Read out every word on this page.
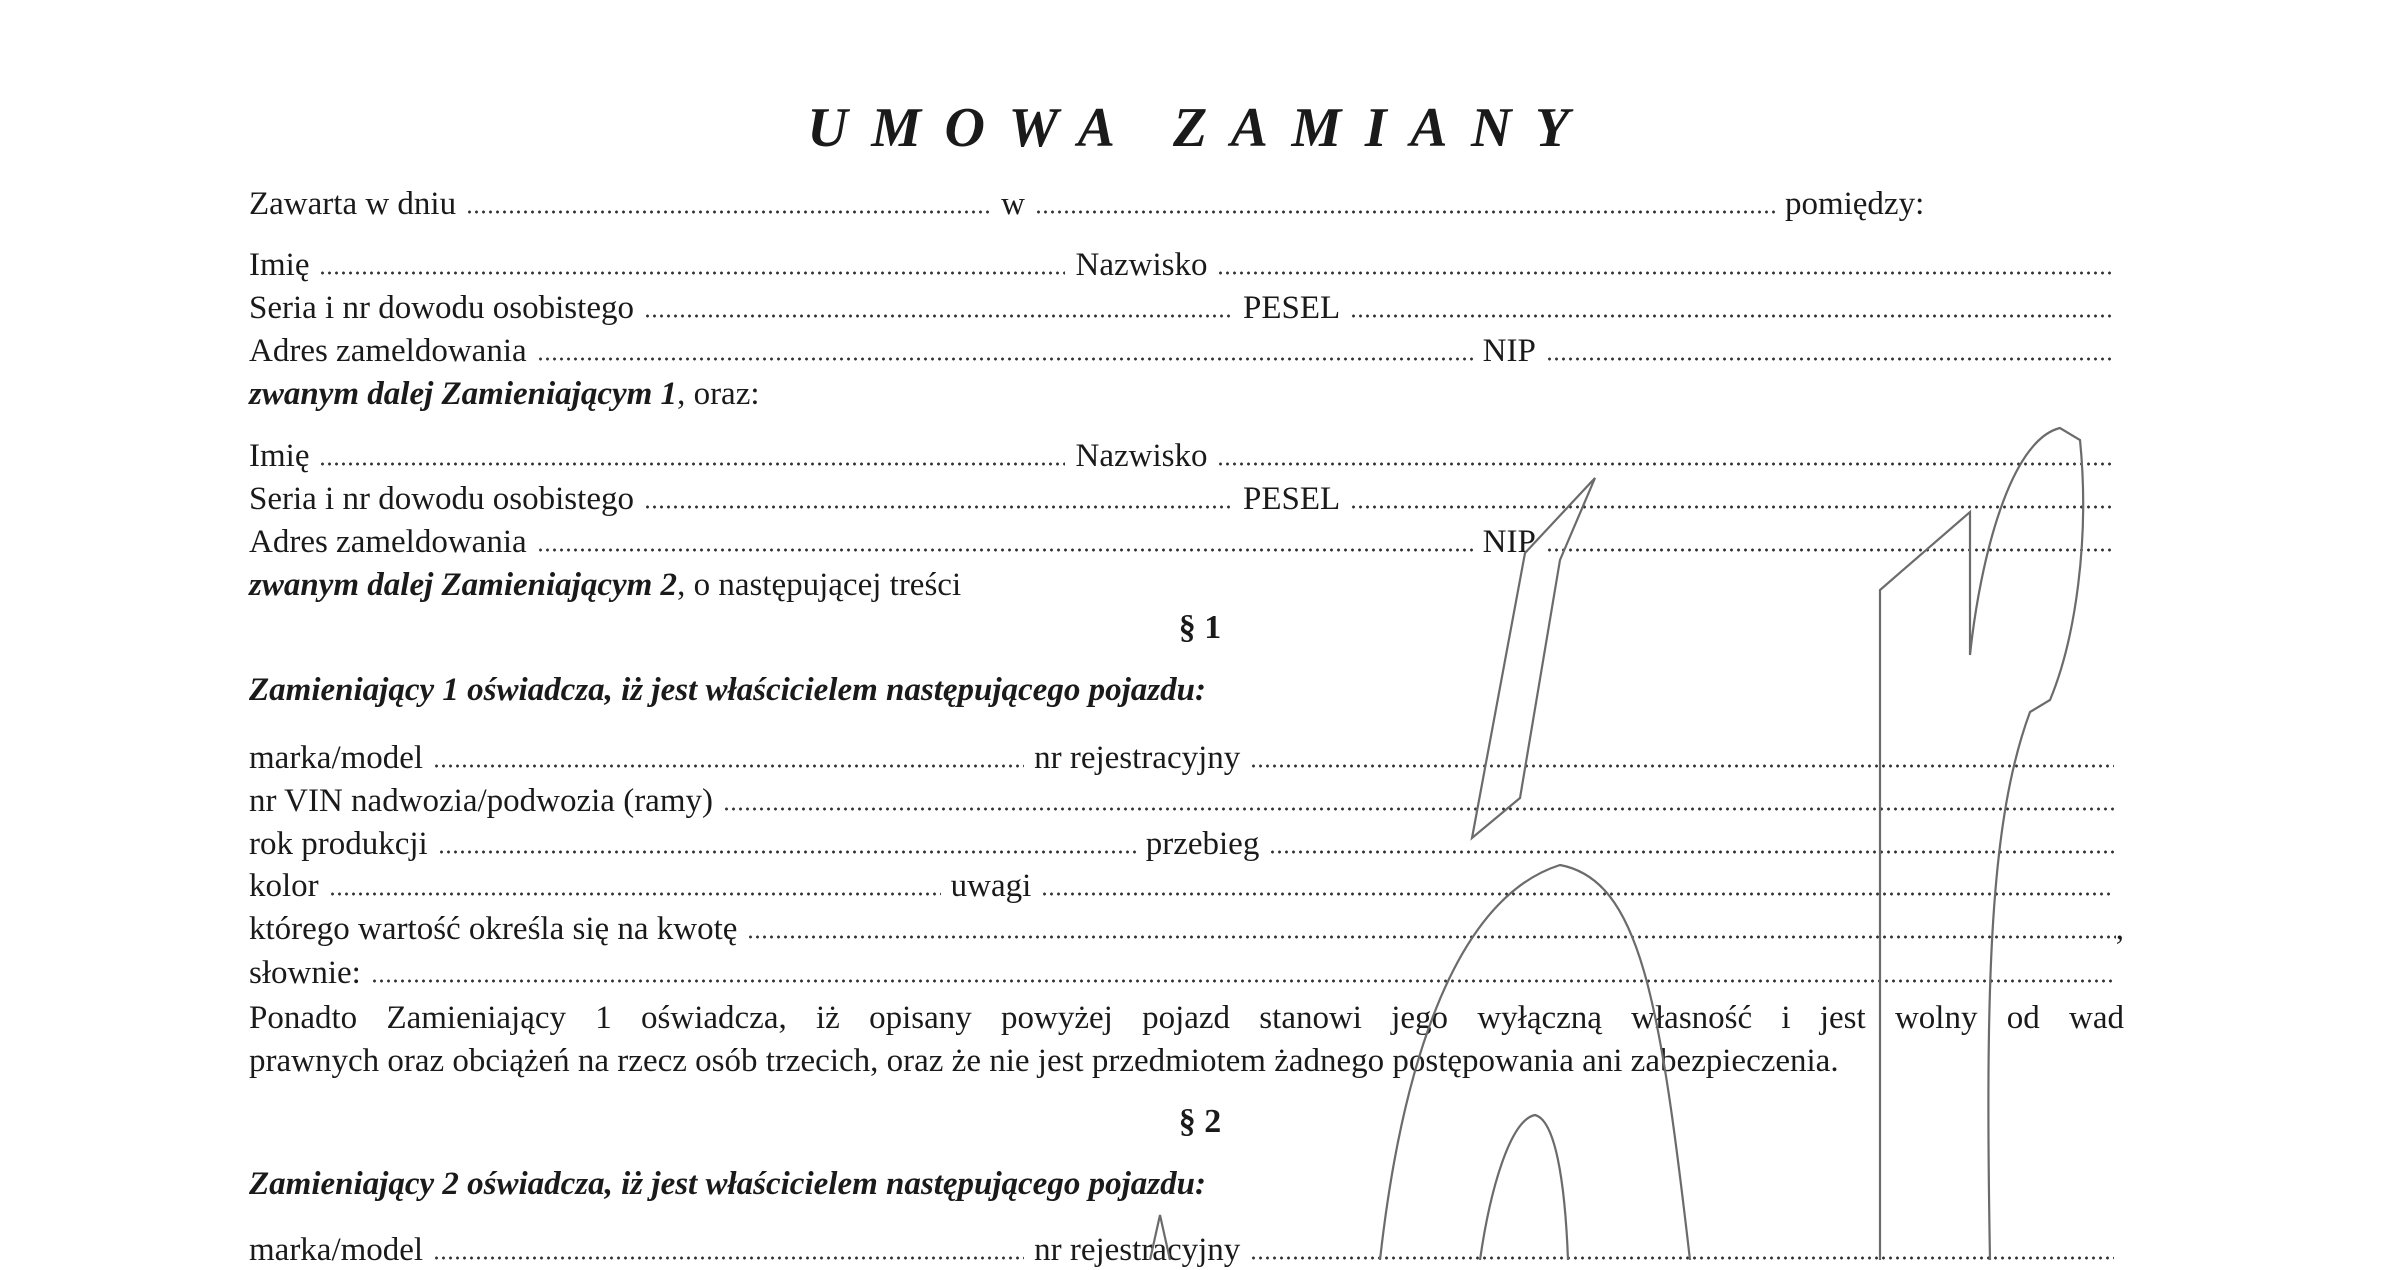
UMOWA ZAMIANY
Zawarta w dniu	w	pomiędzy:
Imię	Nazwisko
Seria i nr dowodu osobistego	PESEL
Adres zameldowania	NIP
zwanym dalej Zamieniającym 1 , oraz:
Imię	Nazwisko
Seria i nr dowodu osobistego	PESEL
Adres zameldowania	NIP
zwanym dalej Zamieniającym 2 , o następującej treści
§ 1
Zamieniający 1 oświadcza, iż jest właścicielem następującego pojazdu:
marka/model	nr rejestracyjny
nr VIN nadwozia/podwozia (ramy)
rok produkcji	przebieg
kolor	uwagi
którego wartość określa się na kwotę	,
słownie:
Ponadto Zamieniający 1 oświadcza, iż opisany powyżej pojazd stanowi jego wyłączną własność i jest wolny od wad
prawnych oraz obciążeń na rzecz osób trzecich, oraz że nie jest przedmiotem żadnego postępowania ani zabezpieczenia.
§ 2
Zamieniający 2 oświadcza, iż jest właścicielem następującego pojazdu:
marka/model	nr rejestracyjny
